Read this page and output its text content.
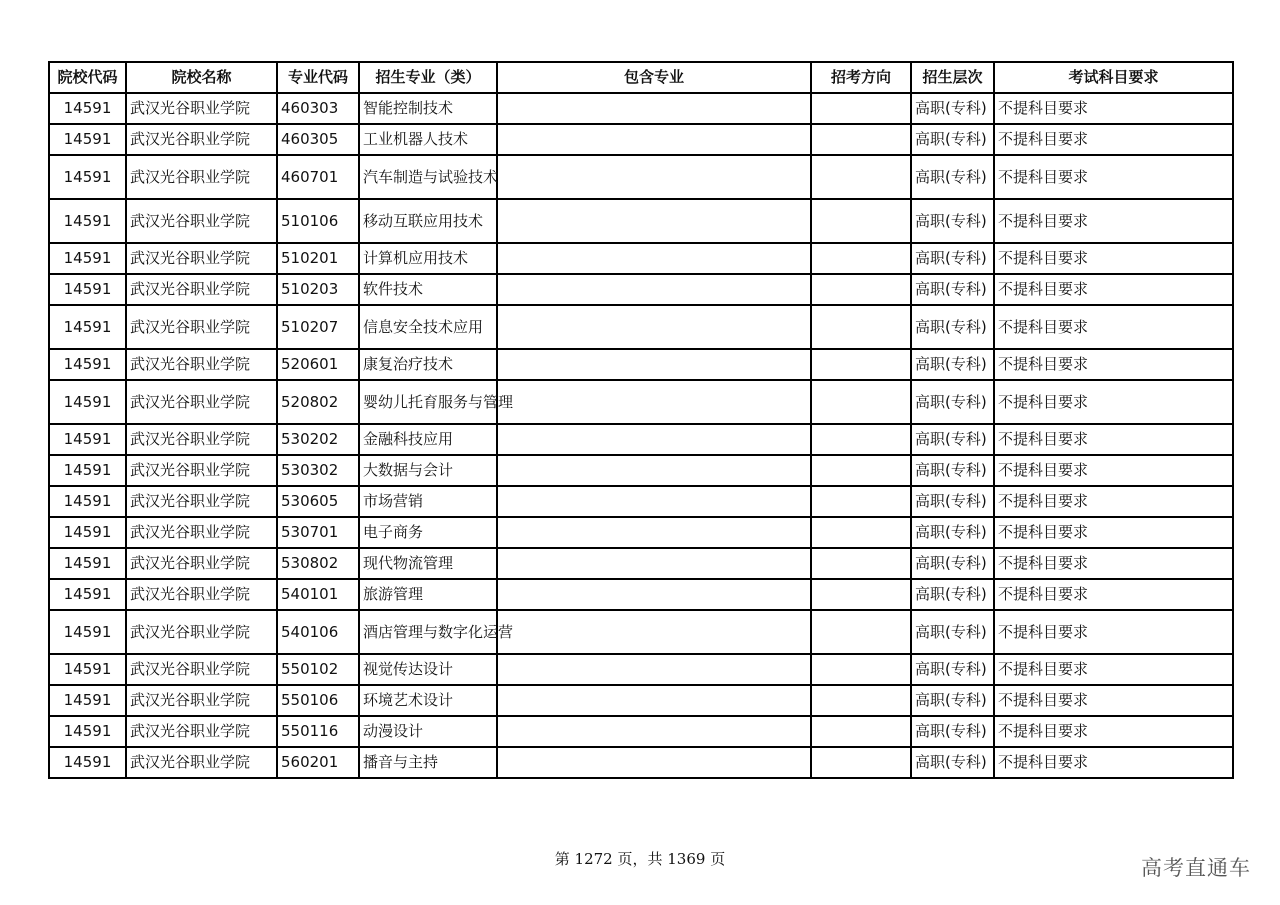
院校代码	院校名称	专业代码	招生专业（类）	包含专业	招考方向	招生层次	考试科目要求
14591	武汉光谷职业学院	460303	智能控制技术			高职(专科)	不提科目要求
14591	武汉光谷职业学院	460305	工业机器人技术			高职(专科)	不提科目要求
14591	武汉光谷职业学院	460701	汽车制造与试验技术			高职(专科)	不提科目要求
14591	武汉光谷职业学院	510106	移动互联应用技术			高职(专科)	不提科目要求
14591	武汉光谷职业学院	510201	计算机应用技术			高职(专科)	不提科目要求
14591	武汉光谷职业学院	510203	软件技术			高职(专科)	不提科目要求
14591	武汉光谷职业学院	510207	信息安全技术应用			高职(专科)	不提科目要求
14591	武汉光谷职业学院	520601	康复治疗技术			高职(专科)	不提科目要求
14591	武汉光谷职业学院	520802	婴幼儿托育服务与管理			高职(专科)	不提科目要求
14591	武汉光谷职业学院	530202	金融科技应用			高职(专科)	不提科目要求
14591	武汉光谷职业学院	530302	大数据与会计			高职(专科)	不提科目要求
14591	武汉光谷职业学院	530605	市场营销			高职(专科)	不提科目要求
14591	武汉光谷职业学院	530701	电子商务			高职(专科)	不提科目要求
14591	武汉光谷职业学院	530802	现代物流管理			高职(专科)	不提科目要求
14591	武汉光谷职业学院	540101	旅游管理			高职(专科)	不提科目要求
14591	武汉光谷职业学院	540106	酒店管理与数字化运营			高职(专科)	不提科目要求
14591	武汉光谷职业学院	550102	视觉传达设计			高职(专科)	不提科目要求
14591	武汉光谷职业学院	550106	环境艺术设计			高职(专科)	不提科目要求
14591	武汉光谷职业学院	550116	动漫设计			高职(专科)	不提科目要求
14591	武汉光谷职业学院	560201	播音与主持			高职(专科)	不提科目要求
第 1272 页，共 1369 页	高考直通车
